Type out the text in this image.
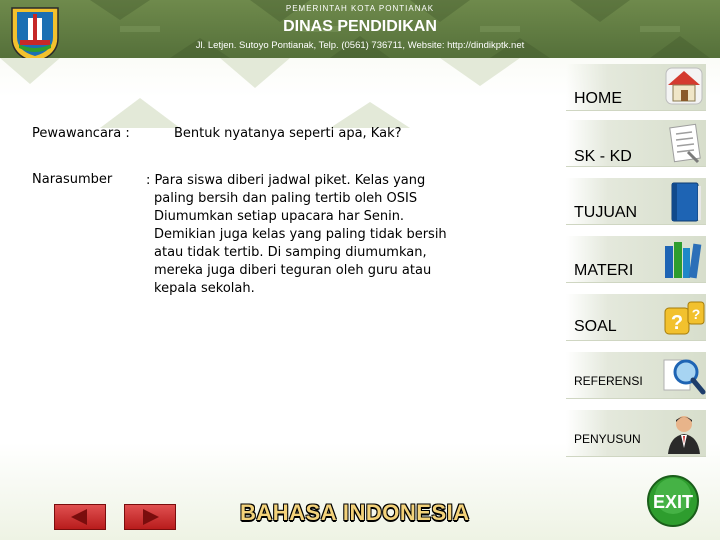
PEMERINTAH KOTA PONTIANAK
DINAS PENDIDIKAN
Jl. Letjen. Sutoyo Pontianak, Telp. (0561) 736711, Website: http://dindikptk.net
Pewawancara :	Bentuk nyatanya seperti apa, Kak?
Narasumber	: Para siswa diberi jadwal piket. Kelas yang
paling bersih dan paling tertib oleh OSIS
Diumumkan setiap upacara har Senin.
Demikian juga kelas yang paling tidak bersih
atau tidak tertib. Di samping diumumkan,
mereka juga diberi teguran oleh guru atau
kepala sekolah.
HOME
SK - KD
TUJUAN
MATERI
SOAL	? ?
REFERENSI
PENYUSUN
BAHASA INDONESIA	EXIT
